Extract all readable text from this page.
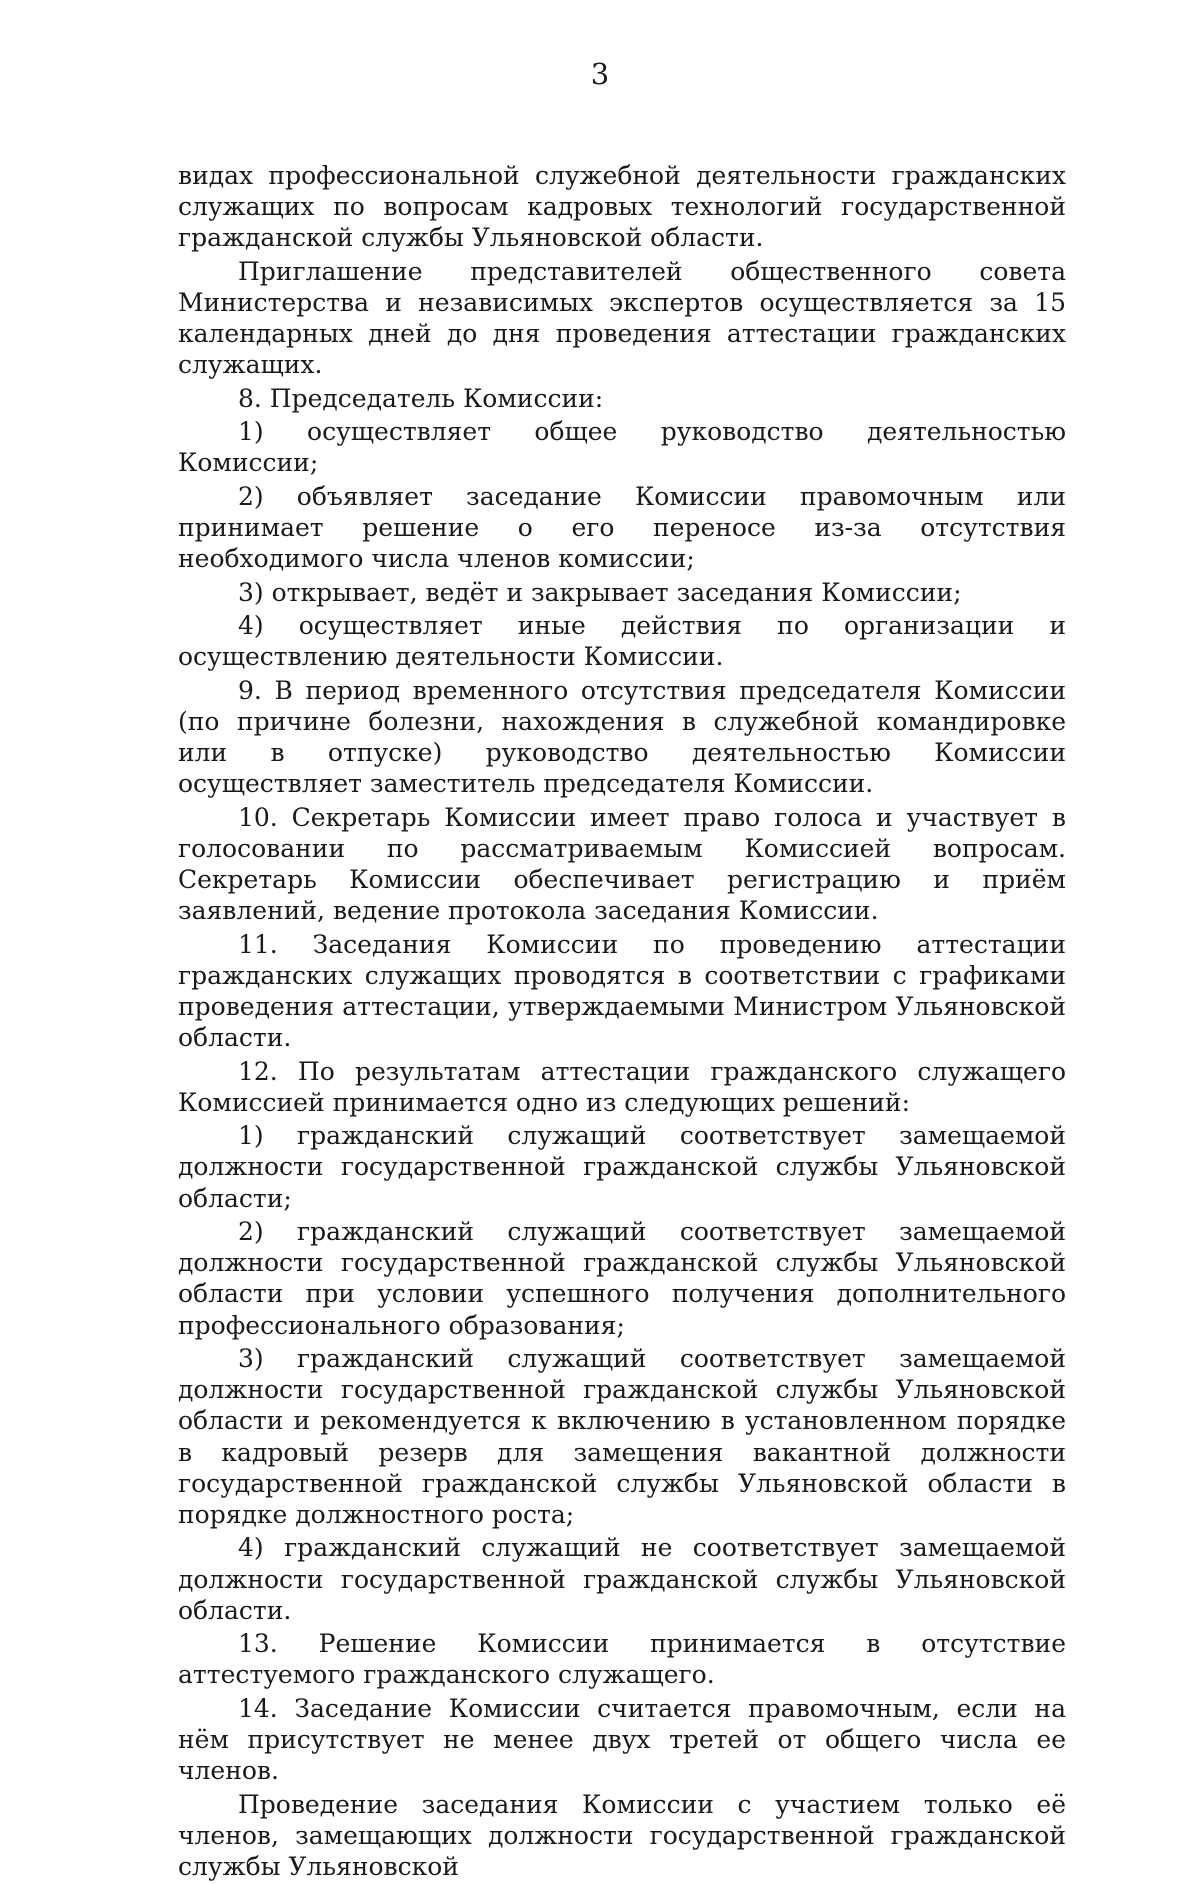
3

видах профессиональной служебной деятельности гражданских служащих по вопросам кадровых технологий государственной гражданской службы Ульяновской области.

Приглашение представителей общественного совета Министерства и независимых экспертов осуществляется за 15 календарных дней до дня проведения аттестации гражданских служащих.

8. Председатель Комиссии:

1) осуществляет общее руководство деятельностью Комиссии;

2) объявляет заседание Комиссии правомочным или принимает решение о его переносе из-за отсутствия необходимого числа членов комиссии;

3) открывает, ведёт и закрывает заседания Комиссии;

4) осуществляет иные действия по организации и осуществлению деятельности Комиссии.

9. В период временного отсутствия председателя Комиссии (по причине болезни, нахождения в служебной командировке или в отпуске) руководство деятельностью Комиссии осуществляет заместитель председателя Комиссии.

10. Секретарь Комиссии имеет право голоса и участвует в голосовании по рассматриваемым Комиссией вопросам. Секретарь Комиссии обеспечивает регистрацию и приём заявлений, ведение протокола заседания Комиссии.

11. Заседания Комиссии по проведению аттестации гражданских служащих проводятся в соответствии с графиками проведения аттестации, утверждаемыми Министром Ульяновской области.

12. По результатам аттестации гражданского служащего Комиссией принимается одно из следующих решений:

1) гражданский служащий соответствует замещаемой должности государственной гражданской службы Ульяновской области;

2) гражданский служащий соответствует замещаемой должности государственной гражданской службы Ульяновской области при условии успешного получения дополнительного профессионального образования;

3) гражданский служащий соответствует замещаемой должности государственной гражданской службы Ульяновской области и рекомендуется к включению в установленном порядке в кадровый резерв для замещения вакантной должности государственной гражданской службы Ульяновской области в порядке должностного роста;

4) гражданский служащий не соответствует замещаемой должности государственной гражданской службы Ульяновской области.

13. Решение Комиссии принимается в отсутствие аттестуемого гражданского служащего.

14. Заседание Комиссии считается правомочным, если на нём присутствует не менее двух третей от общего числа ее членов.

Проведение заседания Комиссии с участием только её членов, замещающих должности государственной гражданской службы Ульяновской
